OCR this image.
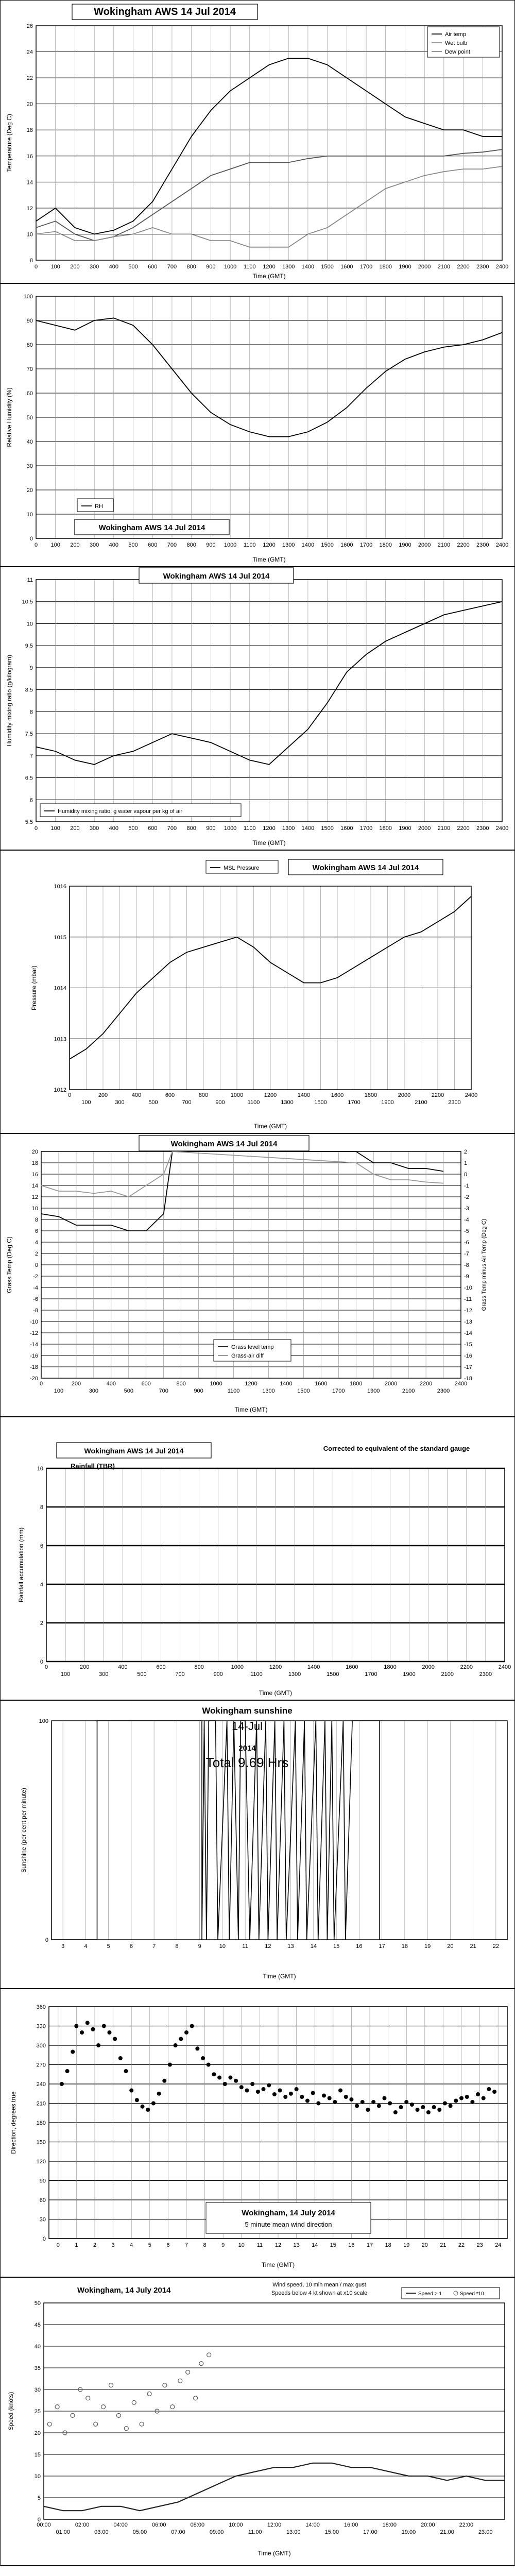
8
10
12
14
16
18
20
22
24
26
0 100 200 300 400 500 600 700 800 900 1000 1100 1200 1300 1400 1500 1600 1700 1800 1900 2000 2100 2200 2300 2400
Time (GMT)
Temperature (Deg C)
Wokingham AWS 14 Jul 2014
Air temp
Wet bulb
Dew point
0
10
20
30
40
50
60
70
80
90
100
0 100 200 300 400 500 600 700 800 900 1000 1100 1200 1300 1400 1500 1600 1700 1800 1900 2000 2100 2200 2300 2400
Time (GMT)
Relative Humidity (%)
Wokingham AWS 14 Jul 2014
RH
5.5
6
6.5
7
7.5
8
8.5
9
9.5
10
10.5
11
0 100 200 300 400 500 600 700 800 900 1000 1100 1200 1300 1400 1500 1600 1700 1800 1900 2000 2100 2200 2300 2400
Time (GMT)
Humidity mixing ratio (g/kilogram)
Wokingham AWS 14 Jul 2014
Humidity mixing ratio, g water vapour per kg of air
1012
1013
1014
1015
1016
0	200	400	600	800	1000	1200	1400	1600	1800	2000	2200	2400
100	300	500	700	900	1100	1300	1500	1700	1900	2100	2300
Time (GMT)
Pressure (mbar)
Wokingham AWS 14 Jul 2014
MSL Pressure
20
18
16
14
12
10
8
6
4
2
0
-2
-4
-6
-8
-10
-12
-14
-16
-18
-20
2
1
0
-1
-2
-3
-4
-5
-6
-7
-8
-9
-10
-11
-12
-13
-14
-15
-16
-17
-18
0	200	400	600	800	1000	1200	1400	1600	1800	2000	2200	2400
100	300	500	700	900	1100	1300	1500	1700	1900	2100	2300
Time (GMT)
Grass Temp (Deg C)	Grass Temp minus Air Temp (Deg C)
Wokingham AWS 14 Jul 2014
Grass level temp
Grass-air diff
0
2
4
6
8
10
0	200	400	600	800	1000	1200	1400	1600	1800	2000	2200	2400
100	300	500	700	900	1100	1300	1500	1700	1900	2100	2300
Time (GMT)
Rainfall accumulation (mm)
Wokingham AWS 14 Jul 2014
Rainfall (TBR)
Corrected to equivalent of the standard gauge
0
100
3	4	5	6	7	8	9	10	11	12	13	14	15	16	17	18	19	20	21	22
Time (GMT)
Sunshine (per cent per minute)
Wokingham sunshine
14-Jul
2014
Total 9.69 Hrs
0
30
60
90
120
150
180
210
240
270
300
330
360
0	1	2	3	4	5	6	7	8	9 10 11 12 13 14 15 16 17 18 19 20 21 22 23 24
Time (GMT)
Direction, degrees true
Wokingham, 14 July 2014
5 minute mean wind direction
0
5
10
15
20
25
30
35
40
45
50
00:00	02:00	04:00	06:00	08:00	10:00	12:00	14:00	16:00	18:00	20:00	22:00
01:00	03:00	05:00	07:00	09:00	11:00	13:00	15:00	17:00	19:00	21:00	23:00
Time (GMT)
Speed (knots)
Wokingham, 14 July 2014
Wind speed, 10 min mean / max gust
Speeds below 4 kt shown at x10 scale	Speed > 1	Speed *10
